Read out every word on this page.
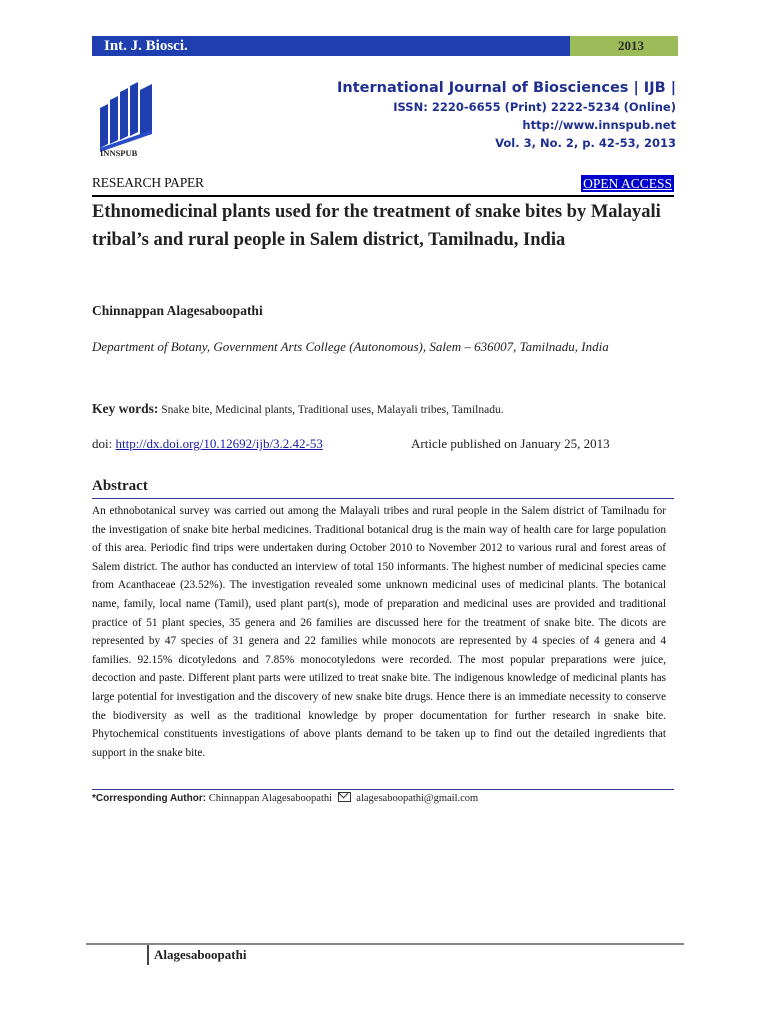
Int. J. Biosci.	2013
INNSPUB
International Journal of Biosciences | IJB |
ISSN: 2220-6655 (Print) 2222-5234 (Online)
http://www.innspub.net
Vol. 3, No. 2, p. 42-53, 2013
RESEARCH PAPER	OPEN ACCESS
Ethnomedicinal plants used for the treatment of snake bites by Malayali tribal’s and rural people in Salem district, Tamilnadu, India
Chinnappan Alagesaboopathi
Department of Botany, Government Arts College (Autonomous), Salem – 636007, Tamilnadu, India
Key words: Snake bite, Medicinal plants, Traditional uses, Malayali tribes, Tamilnadu.
doi: http://dx.doi.org/10.12692/ijb/3.2.42-53	Article published on January 25, 2013
Abstract
An ethnobotanical survey was carried out among the Malayali tribes and rural people in the Salem district of Tamilnadu for the investigation of snake bite herbal medicines. Traditional botanical drug is the main way of health care for large population of this area. Periodic find trips were undertaken during October 2010 to November 2012 to various rural and forest areas of Salem district. The author has conducted an interview of total 150 informants. The highest number of medicinal species came from Acanthaceae (23.52%). The investigation revealed some unknown medicinal uses of medicinal plants. The botanical name, family, local name (Tamil), used plant part(s), mode of preparation and medicinal uses are provided and traditional practice of 51 plant species, 35 genera and 26 families are discussed here for the treatment of snake bite. The dicots are represented by 47 species of 31 genera and 22 families while monocots are represented by 4 species of 4 genera and 4 families. 92.15% dicotyledons and 7.85% monocotyledons were recorded. The most popular preparations were juice, decoction and paste. Different plant parts were utilized to treat snake bite. The indigenous knowledge of medicinal plants has large potential for investigation and the discovery of new snake bite drugs. Hence there is an immediate necessity to conserve the biodiversity as well as the traditional knowledge by proper documentation for further research in snake bite. Phytochemical constituents investigations of above plants demand to be taken up to find out the detailed ingredients that support in the snake bite.
*Corresponding Author: Chinnappan Alagesaboopathi alagesaboopathi@gmail.com
Alagesaboopathi
